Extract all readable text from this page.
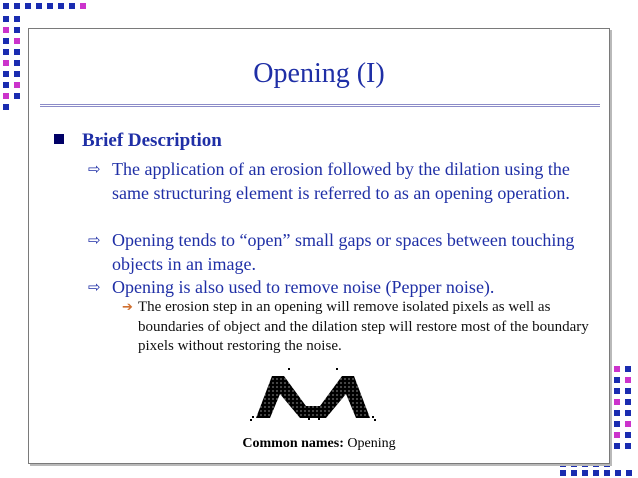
Opening (I)
Brief Description
⇨ The application of an erosion followed by the dilation using the same structuring element is referred to as an opening operation.
⇨ Opening tends to “open” small gaps or spaces between touching objects in an image.
⇨ Opening is also used to remove noise (Pepper noise).
➔ The erosion step in an opening will remove isolated pixels as well as boundaries of object and the dilation step will restore most of the boundary pixels without restoring the noise.
Common names: Opening
